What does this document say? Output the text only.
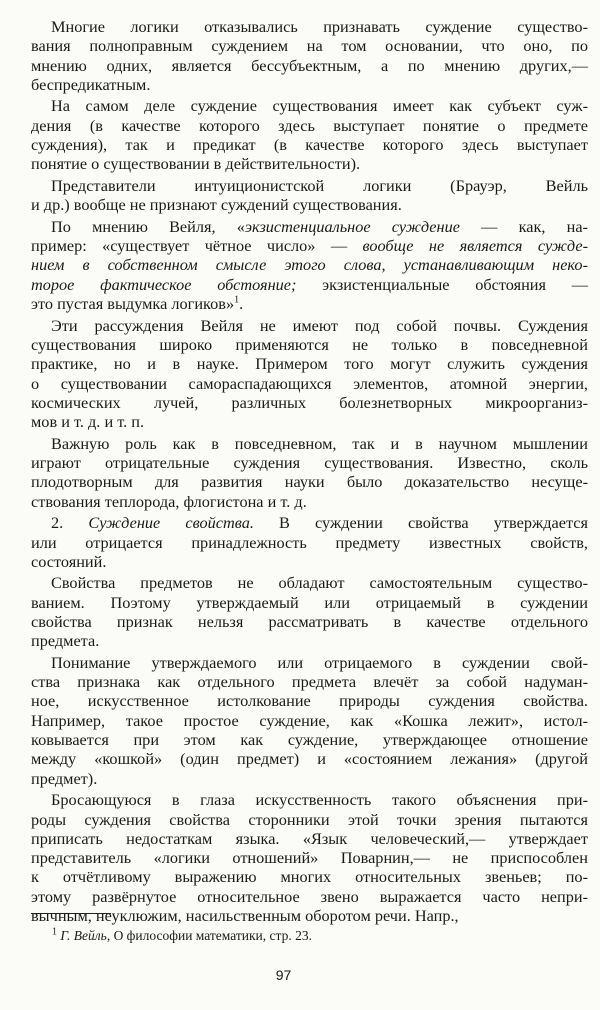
Многие логики отказывались признавать суждение существо-
вания полноправным суждением на том основании, что оно, по
мнению одних, является бессубъектным, а по мнению других,—
беспредикатным.
На самом деле суждение существования имеет как субъект суж-
дения (в качестве которого здесь выступает понятие о предмете
суждения), так и предикат (в качестве которого здесь выступает
понятие о существовании в действительности).
Представители интуиционистской логики (Брауэр, Вейль
и др.) вообще не признают суждений существования.
По мнению Вейля, «экзистенциальное суждение — как, на-
пример: «существует чётное число» — вообще не является сужде-
нием в собственном смысле этого слова, устанавливающим неко-
торое фактическое обстояние; экзистенциальные обстояния —
это пустая выдумка логиков»$^1$.
Эти рассуждения Вейля не имеют под собой почвы. Суждения
существования широко применяются не только в повседневной
практике, но и в науке. Примером того могут служить суждения
о существовании самораспадающихся элементов, атомной энергии,
космических лучей, различных болезнетворных микроорганиз-
мов и т. д. и т. п.
Важную роль как в повседневном, так и в научном мышлении
играют отрицательные суждения существования. Известно, сколь
плодотворным для развития науки было доказательство несуще-
ствования теплорода, флогистона и т. д.
2. Суждение свойства. В суждении свойства утверждается
или отрицается принадлежность предмету известных свойств,
состояний.
Свойства предметов не обладают самостоятельным существо-
ванием. Поэтому утверждаемый или отрицаемый в суждении
свойства признак нельзя рассматривать в качестве отдельного
предмета.
Понимание утверждаемого или отрицаемого в суждении свой-
ства признака как отдельного предмета влечёт за собой надуман-
ное, искусственное истолкование природы суждения свойства.
Например, такое простое суждение, как «Кошка лежит», истол-
ковывается при этом как суждение, утверждающее отношение
между «кошкой» (один предмет) и «состоянием лежания» (другой
предмет).
Бросающуюся в глаза искусственность такого объяснения при-
роды суждения свойства сторонники этой точки зрения пытаются
приписать недостаткам языка. «Язык человеческий,— утверждает
представитель «логики отношений» Поварнин,— не приспособлен
к отчётливому выражению многих относительных звеньев; по-
этому развёрнутое относительное звено выражается часто непри-
вычным, неуклюжим, насильственным оборотом речи. Напр.,
$^1$ Г. Вейль, О философии математики, стр. 23.
97
